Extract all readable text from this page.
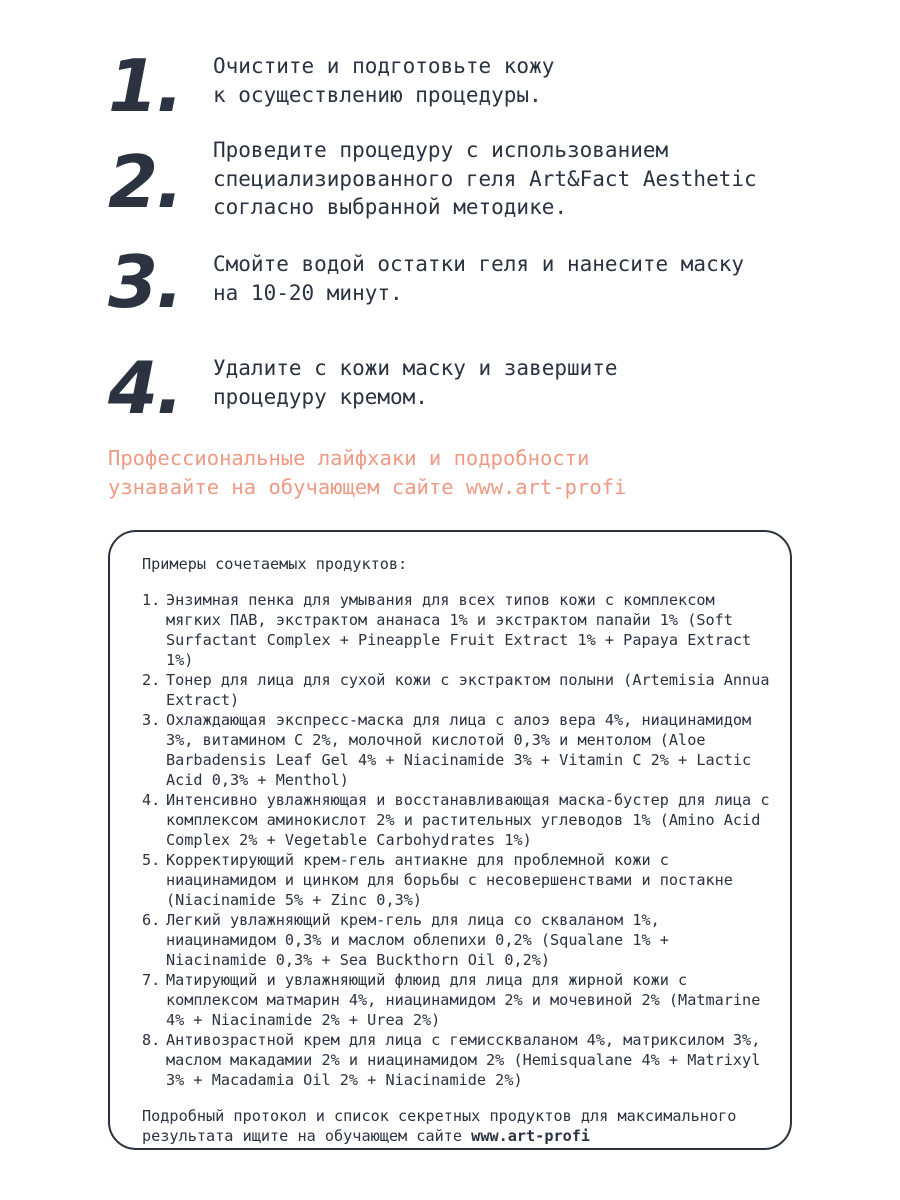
1.	Очистите и подготовьте кожу
к осуществлению процедуры.
2.	Проведите процедуру с использованием
специализированного геля Art&Fact Aesthetic
согласно выбранной методике.
3.	Смойте водой остатки геля и нанесите маску
на 10-20 минут.
4.	Удалите с кожи маску и завершите
процедуру кремом.
Профессиональные лайфхаки и подробности
узнавайте на обучающем сайте www.art-profi
Примеры сочетаемых продуктов:
1. Энзимная пенка для умывания для всех типов кожи с комплексом мягких ПАВ, экстрактом ананаса 1% и экстрактом папайи 1% (Soft Surfactant Complex + Pineapple Fruit Extract 1% + Papaya Extract 1%)
2. Тонер для лица для сухой кожи с экстрактом полыни (Artemisia Annua Extract)
3. Охлаждающая экспресс-маска для лица с алоэ вера 4%, ниацинамидом 3%, витамином С 2%, молочной кислотой 0,3% и ментолом (Aloe Barbadensis Leaf Gel 4% + Niacinamide 3% + Vitamin C 2% + Lactic Acid 0,3% + Menthol)
4. Интенсивно увлажняющая и восстанавливающая маска-бустер для лица с комплексом аминокислот 2% и растительных углеводов 1% (Amino Acid Complex 2% + Vegetable Carbohydrates 1%)
5. Корректирующий крем-гель антиакне для проблемной кожи с ниацинамидом и цинком для борьбы с несовершенствами и постакне (Niacinamide 5% + Zinc 0,3%)
6. Легкий увлажняющий крем-гель для лица со скваланом 1%, ниацинамидом 0,3% и маслом облепихи 0,2% (Squalane 1% + Niacinamide 0,3% + Sea Buckthorn Oil 0,2%)
7. Матирующий и увлажняющий флюид для лица для жирной кожи с комплексом матмарин 4%, ниацинамидом 2% и мочевиной 2% (Matmarine 4% + Niacinamide 2% + Urea 2%)
8. Антивозрастной крем для лица с гемисскваланом 4%, матриксилом 3%, маслом макадамии 2% и ниацинамидом 2% (Hemisqualane 4% + Matrixyl 3% + Macadamia Oil 2% + Niacinamide 2%)
Подробный протокол и список секретных продуктов для максимального результата ищите на обучающем сайте www.art-profi
